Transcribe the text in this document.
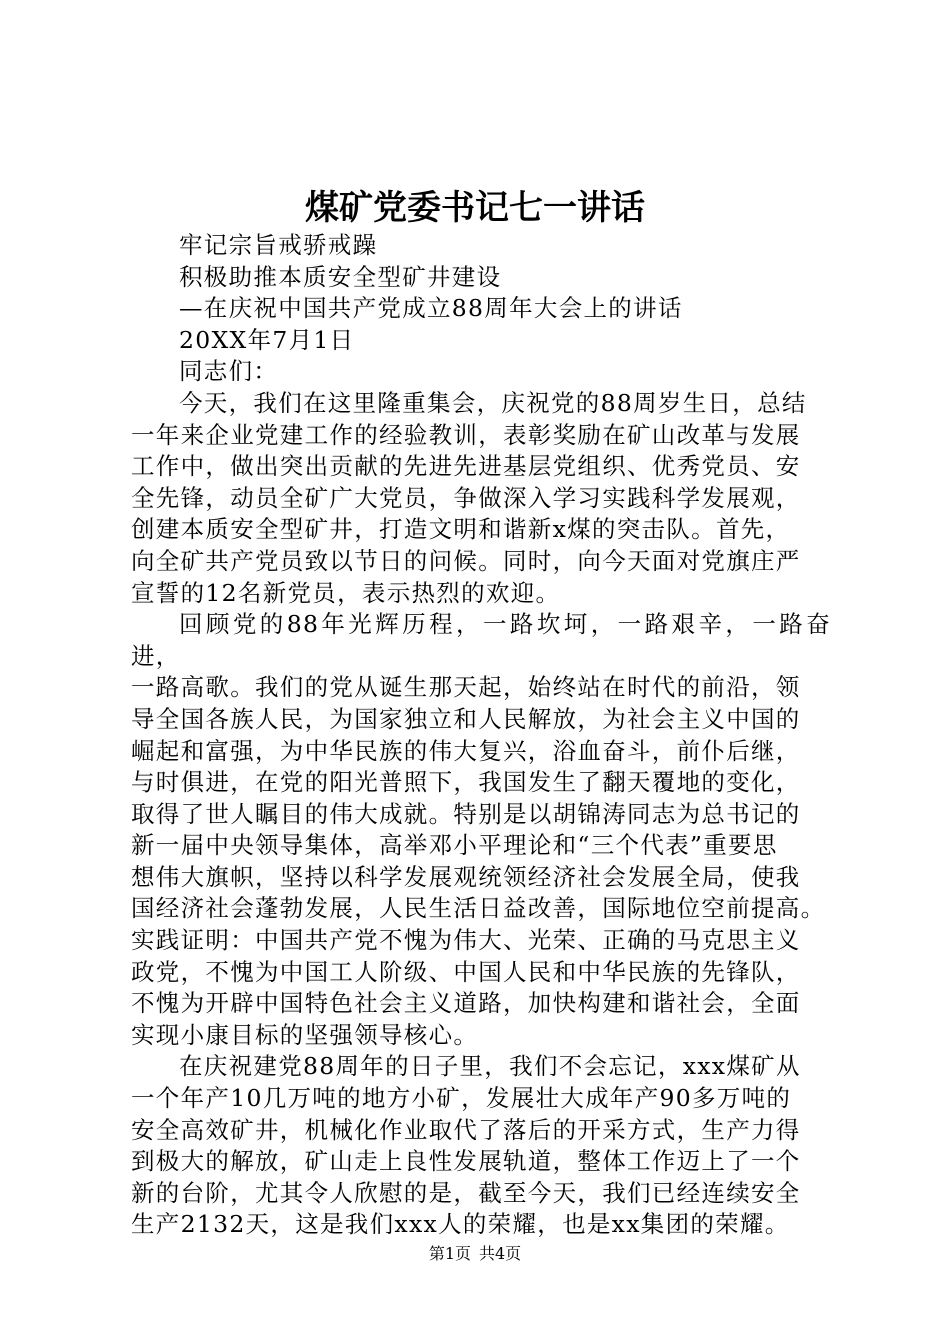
煤矿党委书记七一讲话

牢记宗旨戒骄戒躁

积极助推本质安全型矿井建设

—在庆祝中国共产党成立88周年大会上的讲话

20XX年7月1日

同志们：

今天，我们在这里隆重集会，庆祝党的88周岁生日，总结
一年来企业党建工作的经验教训，表彰奖励在矿山改革与发展
工作中，做出突出贡献的先进先进基层党组织、优秀党员、安
全先锋，动员全矿广大党员，争做深入学习实践科学发展观，
创建本质安全型矿井，打造文明和谐新x煤的突击队。首先，
向全矿共产党员致以节日的问候。同时，向今天面对党旗庄严
宣誓的12名新党员，表示热烈的欢迎。

回顾党的88年光辉历程，一路坎坷，一路艰辛，一路奋进，
一路高歌。我们的党从诞生那天起，始终站在时代的前沿，领
导全国各族人民，为国家独立和人民解放，为社会主义中国的
崛起和富强，为中华民族的伟大复兴，浴血奋斗，前仆后继，
与时俱进，在党的阳光普照下，我国发生了翻天覆地的变化，
取得了世人瞩目的伟大成就。特别是以胡锦涛同志为总书记的
新一届中央领导集体，高举邓小平理论和“三个代表”重要思
想伟大旗帜，坚持以科学发展观统领经济社会发展全局，使我
国经济社会蓬勃发展，人民生活日益改善，国际地位空前提高。
实践证明：中国共产党不愧为伟大、光荣、正确的马克思主义
政党，不愧为中国工人阶级、中国人民和中华民族的先锋队，
不愧为开辟中国特色社会主义道路，加快构建和谐社会，全面
实现小康目标的坚强领导核心。

在庆祝建党88周年的日子里，我们不会忘记，xxx煤矿从
一个年产10几万吨的地方小矿，发展壮大成年产90多万吨的
安全高效矿井，机械化作业取代了落后的开采方式，生产力得
到极大的解放，矿山走上良性发展轨道，整体工作迈上了一个
新的台阶，尤其令人欣慰的是，截至今天，我们已经连续安全
生产2132天，这是我们xxx人的荣耀，也是xx集团的荣耀。

第1页 共4页
